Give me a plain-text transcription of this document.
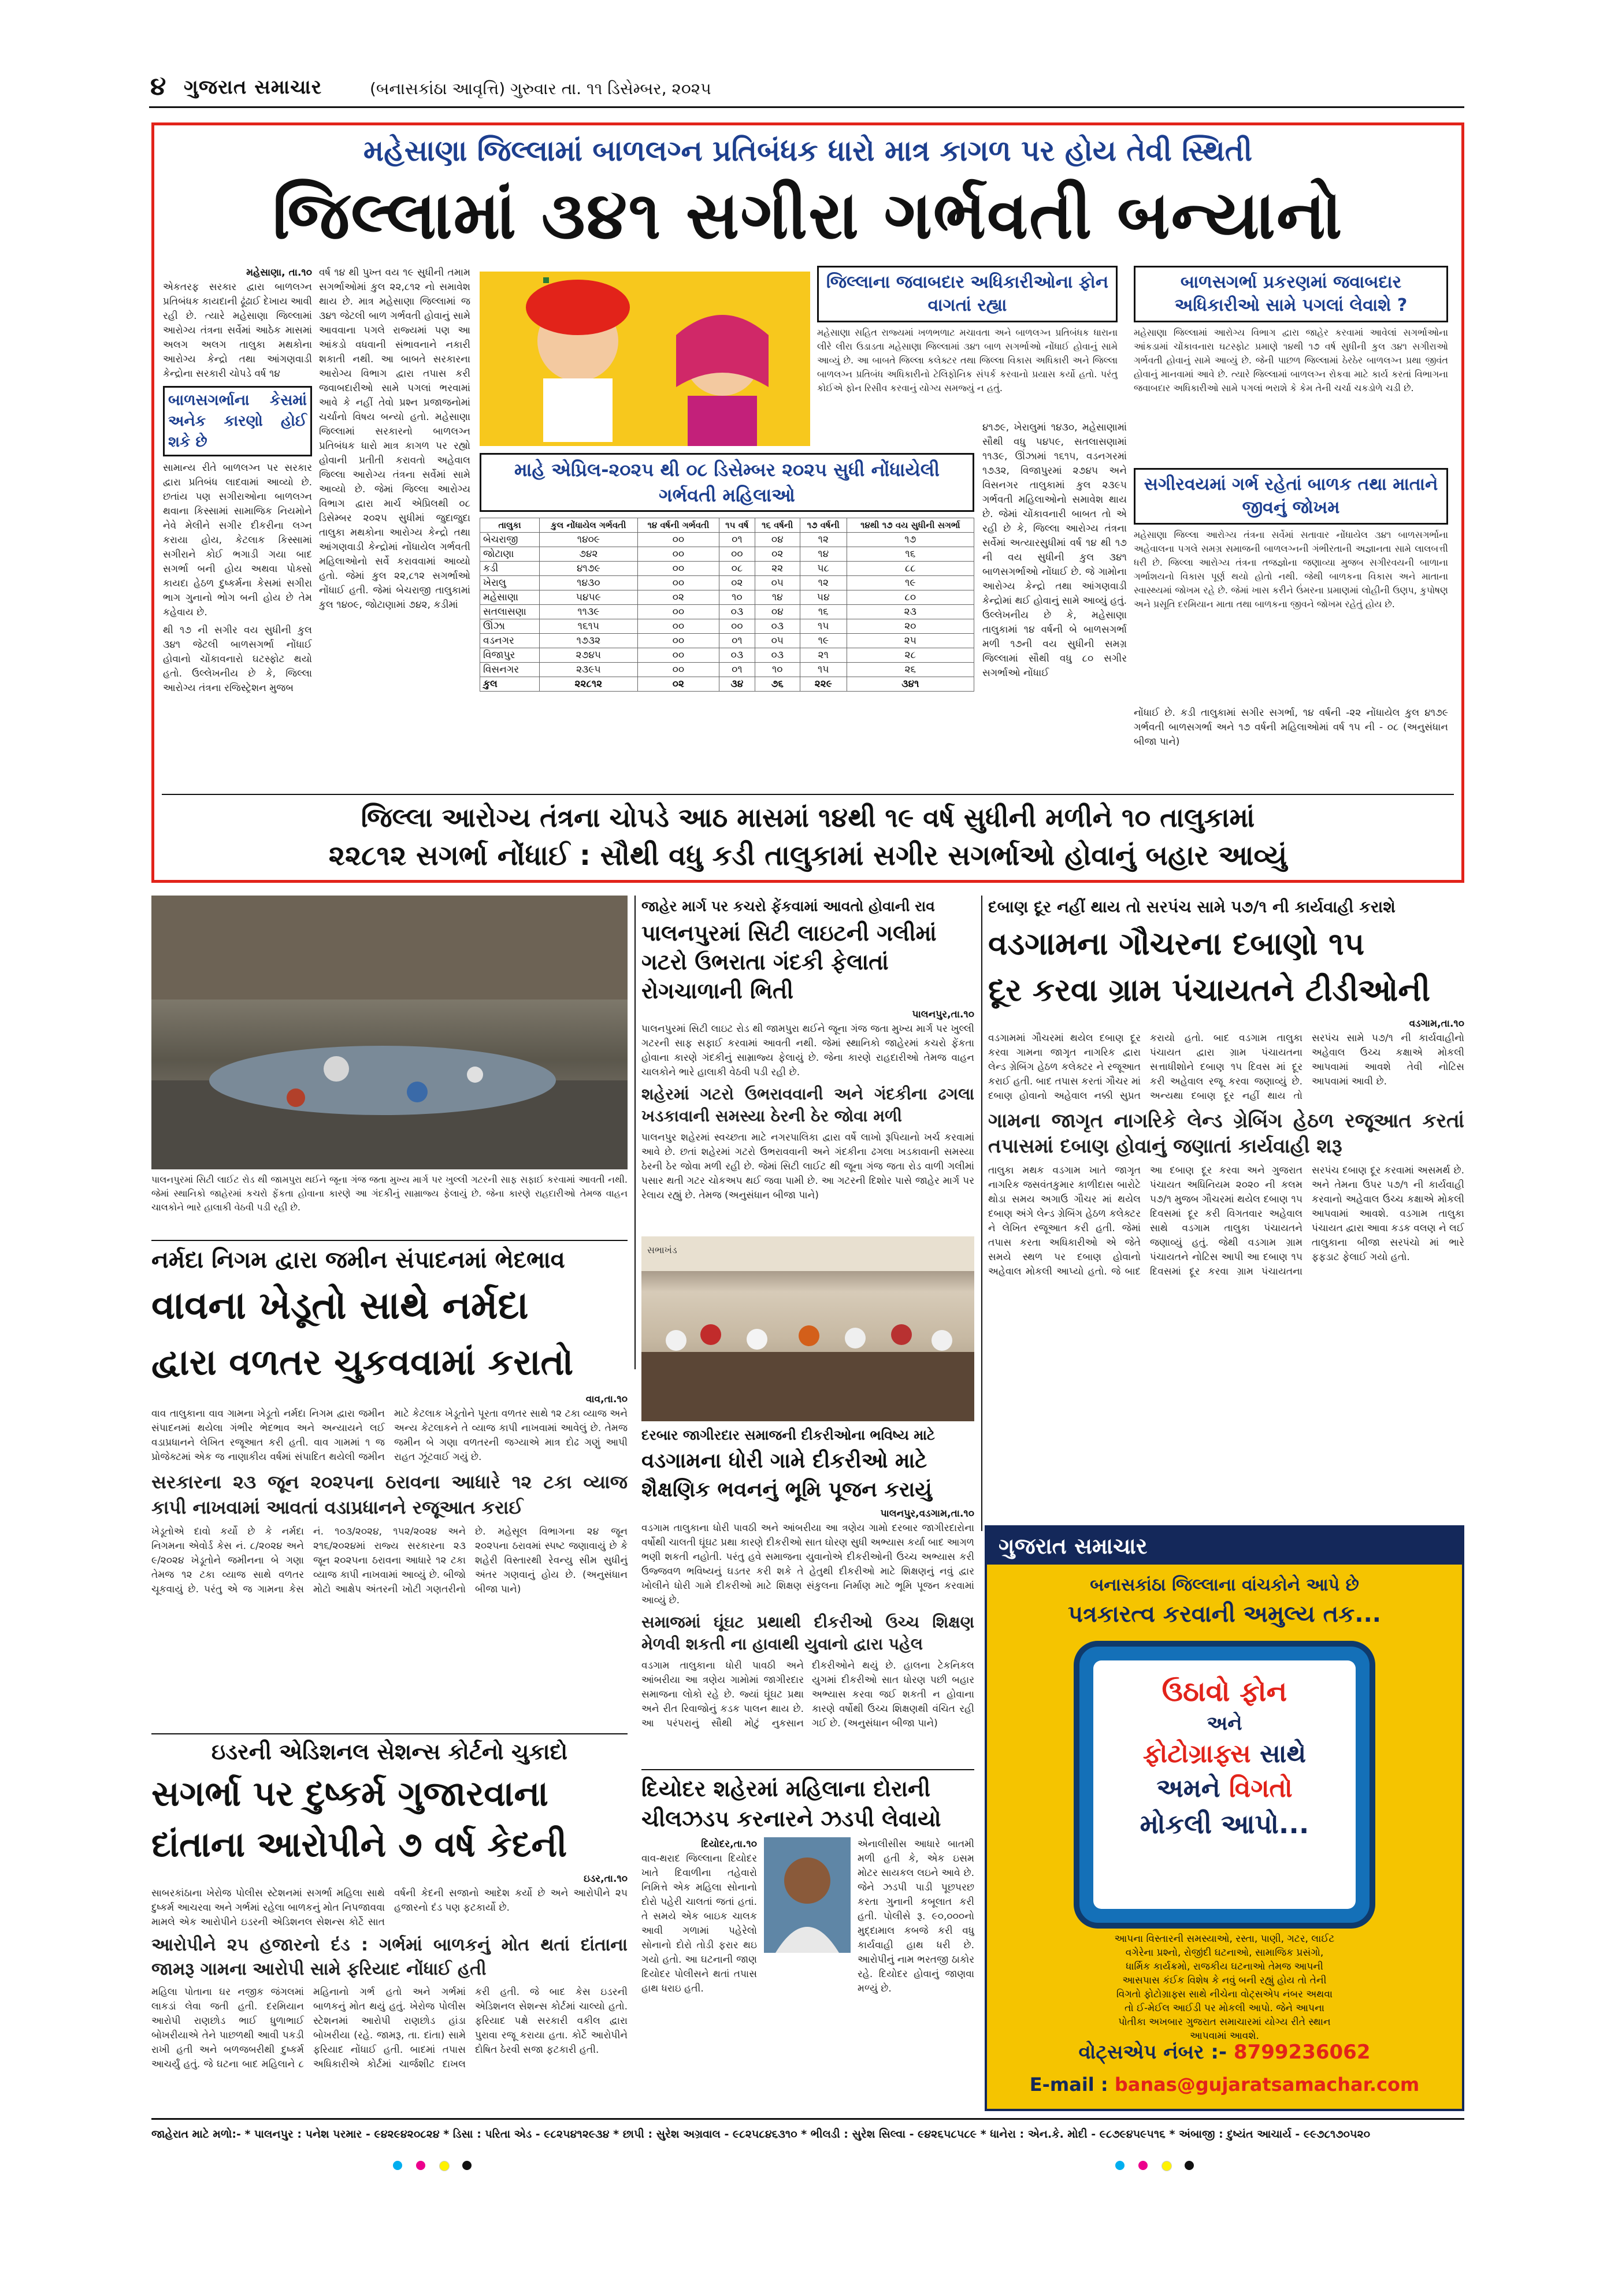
૪ ગુજરાત સમાચાર	(બનાસકાંઠા આવૃત્તિ) ગુરુવાર તા. ૧૧ ડિસેમ્બર, ૨૦૨૫
મહેસાણા જિલ્લામાં બાળલગ્ન પ્રતિબંધક ધારો માત્ર કાગળ પર હોય તેવી સ્થિતી
જિલ્લામાં ૩૪૧ સગીરા ગર્ભવતી બન્યાનો
મહેસાણા, તા.૧૦
એકતરફ સરકાર દ્વારા બાળલગ્ન પ્રતિબંધક કાયદાની ઢૂંઢાઈ દેખાય આવી રહી છે. ત્યારે મહેસાણા જિલ્લામાં આરોગ્ય તંત્રના સર્વેમાં આઠેક માસમાં અલગ અલગ તાલુકા મથકોના આરોગ્ય કેન્દ્રો તથા આંગણવાડી કેન્દ્રોના સરકારી ચોપડે વર્ષ ૧૪
બાળસગર્ભાના કેસમાં અનેક કારણો હોઈ શકે છે
સામાન્ય રીતે બાળલગ્ન પર સરકાર દ્વારા પ્રતિબંધ લાદવામાં આવ્યો છે. છતાંય પણ સગીરાઓના બાળલગ્ન થવાના કિસ્સામાં સામાજિક નિયમોને નેવે મેલીને સગીર દીકરીના લગ્ન કરાયા હોય, કેટલાક કિસ્સામાં સગીરાને કોઈ ભગાડી ગયા બાદ સગર્ભા બની હોય અથવા પોક્સો કાયદા હેઠળ દુષ્કર્મના કેસમાં સગીરા ભાગ ગુનાનો ભોગ બની હોય છે તેમ કહેવાય છે.
થી ૧૭ ની સગીર વય સુધીની કુલ ૩૪૧ જેટલી બાળસગર્ભા નોંધાઈ હોવાનો ચોંકાવનારો ઘટસ્ફોટ થયો હતો. ઉલ્લેખનીય છે કે, જિલ્લા આરોગ્ય તંત્રના રજિસ્ટ્રેશન મુજબ
વર્ષ ૧૪ થી પુખ્ત વય ૧૯ સુધીની તમામ સગર્ભાઓમાં કુલ ૨૨,૮૧૨ નો સમાવેશ થાય છે. માત્ર મહેસાણા જિલ્લામાં જ ૩૪૧ જેટલી બાળ ગર્ભવતી હોવાનું સામે આવવાના પગલે રાજ્યમાં પણ આ આંકડો વધવાની સંભાવનાને નકારી શકાતી નથી. આ બાબતે સરકારના આરોગ્ય વિભાગ દ્વારા તપાસ કરી જવાબદારીઓ સામે પગલાં ભરવામાં આવે કે નહીં તેવો પ્રશ્ન પ્રજાજનોમાં ચર્ચાનો વિષય બન્યો હતો. મહેસાણા જિલ્લામાં સરકારનો બાળલગ્ન પ્રતિબંધક ધારો માત્ર કાગળ પર રહ્યો હોવાની પ્રતીતી કરાવતો અહેવાલ જિલ્લા આરોગ્ય તંત્રના સર્વેમાં સામે આવ્યો છે. જેમાં જિલ્લા આરોગ્ય વિભાગ દ્વારા માર્ચ એપ્રિલથી ૦૮ ડિસેમ્બર ૨૦૨૫ સુધીમાં જુદાજુદા તાલુકા મથકોના આરોગ્ય કેન્દ્રો તથા આંગણવાડી કેન્દ્રોમાં નોંધાયેલ ગર્ભવતી મહિલાઓનો સર્વે કરાવવામાં આવ્યો હતો. જેમાં કુલ ૨૨,૮૧૨ સગર્ભાઓ નોંધાઈ હતી. જેમાં બેચરાજી તાલુકામાં કુલ ૧૪૦૯, જોટાણામાં ૭૪૨, કડીમાં
જિલ્લાના જવાબદાર અધિકારીઓના ફોન વાગતાં રહ્યા
મહેસાણા સહિત રાજ્યમાં ખળભળાટ મચાવતા અને બાળલગ્ન પ્રતિબંધક ધારાના લીરે લીરા ઉડાડતા મહેસાણા જિલ્લામાં ૩૪૧ બાળ સગર્ભાઓ નોંધાઈ હોવાનું સામે આવ્યું છે. આ બાબતે જિલ્લા કલેક્ટર તથા જિલ્લા વિકાસ અધિકારી અને જિલ્લા બાળલગ્ન પ્રતિબંધ અધિકારીનો ટેલિફોનિક સંપર્ક કરવાનો પ્રયાસ કર્યો હતો. પરંતુ કોઈએ ફોન રિસીવ કરવાનું યોગ્ય સમજ્યું ન હતું.
બાળસગર્ભા પ્રકરણમાં જવાબદાર અધિકારીઓ સામે પગલાં લેવાશે ?
મહેસાણા જિલ્લામાં આરોગ્ય વિભાગ દ્વારા જાહેર કરવામાં આવેલાં સગર્ભાઓના આંકડામાં ચોંકાવનારા ઘટસ્ફોટ પ્રમાણે ૧૪થી ૧૭ વર્ષ સુધીની કુલ ૩૪૧ સગીરાઓ ગર્ભવતી હોવાનું સામે આવ્યું છે. જેની પાછળ જિલ્લામાં ઠેરઠેર બાળલગ્ન પ્રથા જીવંત હોવાનું માનવામાં આવે છે. ત્યારે જિલ્લામાં બાળલગ્ન રોકવા માટે કાર્ય કરતાં વિભાગના જવાબદાર અધિકારીઓ સામે પગલાં ભરાશે કે કેમ તેની ચર્ચા ચકડોળે ચડી છે.
સગીરવયમાં ગર્ભ રહેતાં બાળક તથા માતાને જીવનું જોખમ
મહેસાણા જિલ્લા આરોગ્ય તંત્રના સર્વેમાં સતાવાર નોંધાયેલ ૩૪૧ બાળસગર્ભાના અહેવાલના પગલે સમગ્ર સમાજની બાળલગ્નની ગંભીરતાની અજ્ઞાનતા સામે લાલબત્તી ધરી છે. જિલ્લા આરોગ્ય તંત્રના તજજ્ઞોના જણાવ્યા મુજબ સગીરવયની બાળાના ગર્ભાશયનો વિકાસ પૂર્ણ થયો હોતો નથી. જેથી બાળકના વિકાસ અને માતાના સ્વાસ્થ્યમાં જોખમ રહે છે. જેમાં ખાસ કરીને ઉંમરના પ્રમાણમાં લોહીની ઉણપ, કુપોષણ અને પ્રસૂતિ દરમિયાન માતા તથા બાળકના જીવને જોખમ રહેતું હોય છે.
૪૧૭૯, ખેરાલુમાં ૧૪૩૦, મહેસાણામાં સૌથી વધુ ૫૪૫૯, સતલાસણામાં ૧૧૩૯, ઊંઝામાં ૧૬૧૫, વડનગરમાં ૧૭૩૨, વિજાપુરમાં ૨૭૪૫ અને વિસનગર તાલુકામાં કુલ ૨૩૯૫ ગર્ભવતી મહિલાઓનો સમાવેશ થાય છે. જેમાં ચોંકાવનારી બાબત તો એ રહી છે કે, જિલ્લા આરોગ્ય તંત્રના સર્વેમાં અત્યારસુધીમાં વર્ષ ૧૪ થી ૧૭ ની વય સુધીની કુલ ૩૪૧ બાળસગર્ભાઓ નોંધાઈ છે. જે ગામોના આરોગ્ય કેન્દ્રો તથા આંગણવાડી કેન્દ્રોમાં થઈ હોવાનું સામે આવ્યું હતું. ઉલ્લેખનીય છે કે, મહેસાણા તાલુકામાં ૧૪ વર્ષની બે બાળસગર્ભા મળી ૧૭ની વય સુધીની સમગ્ર જિલ્લામાં સૌથી વધુ ૮૦ સગીર સગર્ભાઓ નોંધાઈ
નોંધાઈ છે. કડી તાલુકામાં સગીર સગર્ભા, ૧૪ વર્ષની -૨૨ નોંધાયેલ કુલ ૪૧૭૯ ગર્ભવતી બાળસગર્ભા અને ૧૭ વર્ષની મહિલાઓમાં વર્ષ ૧૫ ની - ૦૮ (અનુસંધાન બીજા પાને)
માહે એપ્રિલ-૨૦૨૫ થી ૦૮ ડિસેમ્બર ૨૦૨૫ સુધી નોંધાયેલી ગર્ભવતી મહિલાઓ
તાલુકા	કુલ નોંધાયેલ ગર્ભવતી	૧૪ વર્ષની ગર્ભવતી	૧૫ વર્ષ	૧૬ વર્ષની	૧૭ વર્ષની	૧૪થી ૧૭ વય સુધીની સગર્ભા
બેચરાજી	૧૪૦૯	૦૦	૦૧	૦૪	૧૨	૧૭
જોટાણા	૭૪૨	૦૦	૦૦	૦૨	૧૪	૧૬
કડી	૪૧૭૯	૦૦	૦૮	૨૨	૫૮	૮૮
ખેરાલુ	૧૪૩૦	૦૦	૦૨	૦૫	૧૨	૧૯
મહેસાણા	૫૪૫૯	૦૨	૧૦	૧૪	૫૪	૮૦
સતલાસણા	૧૧૩૯	૦૦	૦૩	૦૪	૧૬	૨૩
ઊંઝા	૧૬૧૫	૦૦	૦૦	૦૩	૧૫	૨૦
વડનગર	૧૭૩૨	૦૦	૦૧	૦૫	૧૯	૨૫
વિજાપુર	૨૭૪૫	૦૦	૦૩	૦૩	૨૧	૨૮
વિસનગર	૨૩૯૫	૦૦	૦૧	૧૦	૧૫	૨૬
કુલ	૨૨૮૧૨	૦૨	૩૪	૭૬	૨૨૯	૩૪૧
જિલ્લા આરોગ્ય તંત્રના ચોપડે આઠ માસમાં ૧૪થી ૧૯ વર્ષ સુધીની મળીને ૧૦ તાલુકામાં
૨૨૮૧૨ સગર્ભા નોંધાઈ : સૌથી વધુ કડી તાલુકામાં સગીર સગર્ભાઓ હોવાનું બહાર આવ્યું
પાલનપુરમાં સિટી લાઈટ રોડ થી જામપુરા થઈને જૂના ગંજ જતા મુખ્ય માર્ગ પર ખુલ્લી ગટરની સાફ સફાઈ કરવામાં આવતી નથી. જેમાં સ્થાનિકો જાહેરમાં કચરો ફેંકતા હોવાના કારણે આ ગંદકીનું સામ્રાજ્ય ફેલાયું છે. જેના કારણે રાહદારીઓ તેમજ વાહન ચાલકોને ભારે હાલાકી વેઠવી પડી રહી છે.
જાહેર માર્ગ પર કચરો ફેંકવામાં આવતો હોવાની રાવ
પાલનપુરમાં સિટી લાઇટની ગલીમાં ગટરો ઉભરાતા ગંદકી ફેલાતાં રોગચાળાની ભિતી
પાલનપુર,તા.૧૦
પાલનપુરમાં સિટી લાઇટ રોડ થી જામપુરા થઈને જૂના ગંજ જતા મુખ્ય માર્ગ પર ખુલ્લી ગટરની સાફ સફાઈ કરવામાં આવતી નથી. જેમાં સ્થાનિકો જાહેરમાં કચરો ફેંકતા હોવાના કારણે ગંદકીનું સામ્રાજ્ય ફેલાયું છે. જેના કારણે રાહદારીઓ તેમજ વાહન ચાલકોને ભારે હાલાકી વેઠવી પડી રહી છે.
શહેરમાં ગટરો ઉભરાવવાની અને ગંદકીના ઢગલા ખડકાવાની સમસ્યા ઠેરની ઠેર જોવા મળી
પાલનપુર શહેરમાં સ્વચ્છતા માટે નગરપાલિકા દ્વારા વર્ષે લાખો રૂપિયાનો ખર્ચ કરવામાં આવે છે. છતાં શહેરમાં ગટરો ઉભરાવવાની અને ગંદકીના ઢગલા ખડકાવાની સમસ્યા ઠેરની ઠેર જોવા મળી રહી છે. જેમાં સિટી લાઈટ થી જૂના ગંજ જતા રોડ વાળી ગલીમાં પસાર થતી ગટર ચોકઅપ થઈ જવા પામી છે. આ ગટરની દિશોર પાસે જાહેર માર્ગ પર રેલાય રહ્યું છે. તેમજ (અનુસંધાન બીજા પાને)
દબાણ દૂર નહીં થાય તો સરપંચ સામે ૫૭/૧ ની કાર્યવાહી કરાશે
વડગામના ગૌચરના દબાણો ૧૫
દૂર કરવા ગ્રામ પંચાયતને ટીડીઓની
વડગામ,તા.૧૦
વડગામમાં ગૌચરમાં થયેલ દબાણ દૂર કરવા ગામના જાગૃત નાગરિક દ્વારા લેન્ડ ગ્રેબિંગ હેઠળ કલેક્ટર ને રજૂઆત કરાઈ હતી. બાદ તપાસ કરતાં ગૌચર માં દબાણ હોવાનો અહેવાલ નક્કી સુપ્રત કરાયો હતો. બાદ વડગામ તાલુકા પંચાયત દ્વારા ગ્રામ પંચાયતના સત્તાધીશોને દબાણ ૧૫ દિવસ માં દૂર કરી અહેવાલ રજૂ કરવા જણાવ્યું છે. અન્યથા દબાણ દૂર નહીં થાય તો સરપંચ સામે ૫૭/૧ ની કાર્યવાહીનો અહેવાલ ઉચ્ચ કક્ષાએ મોકલી આપવામાં આવશે તેવી નોટિસ આપવામાં આવી છે.
ગામના જાગૃત નાગરિકે લેન્ડ ગ્રેબિંગ હેઠળ રજૂઆત કરતાં તપાસમાં દબાણ હોવાનું જણાતાં કાર્યવાહી શરૂ
તાલુકા મથક વડગામ ખાતે જાગૃત નાગરિક જસવંતકુમાર કાળીદાસ બારોટે થોડા સમય અગાઉ ગૌચર માં થયેલ દબાણ અંગે લેન્ડ ગ્રેબિંગ હેઠળ કલેક્ટર ને લેખિત રજૂઆત કરી હતી. જેમાં તપાસ કરતા અધિકારીઓ એ જેતે સમયે સ્થળ પર દબાણ હોવાનો અહેવાલ મોકલી આપ્યો હતો. જે બાદ આ દબાણ દૂર કરવા અને ગુજરાત પંચાયત અધિનિયમ ૨૦૨૦ ની કલમ ૫૭/૧ મુજબ ગૌચરમાં થયેલ દબાણ ૧૫ દિવસમાં દૂર કરી વિગતવાર અહેવાલ સાથે વડગામ તાલુકા પંચાયતને જણાવ્યું હતું. જેથી વડગામ ગ્રામ પંચાયતને નોટિસ આપી આ દબાણ ૧૫ દિવસમાં દૂર કરવા ગ્રામ પંચાયતના સરપંચ દબાણ દૂર કરવામાં અસમર્થ છે. અને તેમના ઉપર ૫૭/૧ ની કાર્યવાહી કરવાનો અહેવાલ ઉચ્ચ કક્ષાએ મોકલી આપવામાં આવશે. વડગામ તાલુકા પંચાયત દ્વારા આવા કડક વલણ ને લઈ તાલુકાના બીજા સરપંચો માં ભારે ફફડાટ ફેલાઈ ગયો હતો.
નર્મદા નિગમ દ્વારા જમીન સંપાદનમાં ભેદભાવ
વાવના ખેડૂતો સાથે નર્મદા
દ્વારા વળતર ચુકવવામાં કરાતો
વાવ,તા.૧૦
વાવ તાલુકાના વાવ ગામના ખેડૂતો નર્મદા નિગમ દ્વારા જમીન સંપાદનમાં થયેલા ગંભીર ભેદભાવ અને અન્યાયને લઈ વડાપ્રધાનને લેખિત રજૂઆત કરી હતી. વાવ ગામમાં ૧ જ પ્રોજેક્ટમાં એક જ નાણાકીય વર્ષમાં સંપાદિત થયેલી જમીન માટે કેટલાક ખેડૂતોને પૂરતા વળતર સાથે ૧૨ ટકા વ્યાજ અને અન્ય કેટલાકને તે વ્યાજ કાપી નાખવામાં આવેલું છે. તેમજ જમીન બે ગણા વળતરની જગ્યાએ માત્ર દોઢ ગણું આપી રાહત ઝૂંટવાઈ ગયું છે.
સરકારના ૨૩ જૂન ૨૦૨૫ના ઠરાવના આધારે ૧૨ ટકા વ્યાજ કાપી નાખવામાં આવતાં વડાપ્રધાનને રજૂઆત કરાઈ
ખેડૂતોએ દાવો કર્યો છે કે નર્મદા નિગમના એવોર્ડ કેસ નં. ૮/૨૦૨૪ અને ૯/૨૦૨૪ ખેડૂતોને જમીનના બે ગણા તેમજ ૧૨ ટકા વ્યાજ સાથે વળતર ચૂકવાયું છે. પરંતુ એ જ ગામના કેસ નં. ૧૦૩/૨૦૨૪, ૧૫૨/૨૦૨૪ અને ૨૧૬/૨૦૨૪માં રાજ્ય સરકારના ૨૩ જૂન ૨૦૨૫ના ઠરાવના આધારે ૧૨ ટકા વ્યાજ કાપી નાખવામાં આવ્યું છે. બીજો મોટો આક્ષેપ અંતરની ખોટી ગણતરીનો છે. મહેસૂલ વિભાગના ૨૪ જૂન ૨૦૨૫ના ઠરાવમાં સ્પષ્ટ જણાવાયું છે કે શહેરી વિસ્તારથી રેવન્યુ સીમ સુધીનું અંતર ગણવાનું હોય છે. (અનુસંધાન બીજા પાને)
ઇડરની એડિશનલ સેશન્સ કોર્ટનો ચુકાદો
સગર્ભા પર દુષ્કર્મ ગુજારવાના
દાંતાના આરોપીને ૭ વર્ષ કેદની
ઇડર,તા.૧૦
સાબરકાંઠાના ખેરોજ પોલીસ સ્ટેશનમાં સગર્ભા મહિલા સાથે દુષ્કર્મ આચરવા અને ગર્ભમાં રહેલા બાળકનું મોત નિપજાવવા મામલે એક આરોપીને ઇડરની એડિશનલ સેશન્સ કોર્ટે સાત વર્ષની કેદની સજાનો આદેશ કર્યો છે અને આરોપીને ૨૫ હજારનો દંડ પણ ફટકાર્યો છે.
આરોપીને ૨૫ હજારનો દંડ : ગર્ભમાં બાળકનું મોત થતાં દાંતાના જામરૂ ગામના આરોપી સામે ફરિયાદ નોંધાઈ હતી
મહિલા પોતાના ઘર નજીક જંગલમાં લાકડાં લેવા જતી હતી. દરમિયાન આરોપી રાણછોડ ભાઈ ધુળાભાઈ બોખરીયાએ તેને પાછળથી આવી પકડી રાખી હતી અને બળજબરીથી દુષ્કર્મ આચર્યું હતું. જે ઘટના બાદ મહિલાને ૮ મહિનાનો ગર્ભ હતો અને ગર્ભમાં બાળકનું મોત થયું હતું. ખેરોજ પોલીસ સ્ટેશનમાં આરોપી રાણછોડ હાંડા બોખરીયા (રહે. જામરૂ, તા. દાંતા) સામે ફરિયાદ નોંધાઈ હતી. બાદમાં તપાસ અધિકારીએ કોર્ટમાં ચાર્જશીટ દાખલ કરી હતી. જે બાદ કેસ ઇડરની એડિશનલ સેશન્સ કોર્ટમાં ચાલ્યો હતો. ફરિયાદ પક્ષે સરકારી વકીલ દ્વારા પુરાવા રજૂ કરાયા હતા. કોર્ટે આરોપીને દોષિત ઠેરવી સજા ફટકારી હતી.
સભાખંડ
દરબાર જાગીરદાર સમાજની દીકરીઓના ભવિષ્ય માટે
વડગામના ધોરી ગામે દીકરીઓ માટે શૈક્ષણિક ભવનનું ભૂમિ પૂજન કરાયું
પાલનપુર,વડગામ,તા.૧૦
વડગામ તાલુકાના ધોરી પાવઠી અને આંબરીયા આ ત્રણેય ગામો દરબાર જાગીરદારોના વર્ષોથી ચાલતી ઘૂંઘટ પ્રથા કારણે દીકરીઓ સાત ઘોરણ સુધી અભ્યાસ કર્યા બાદ આગળ ભણી શકતી નહોતી. પરંતુ હવે સમાજના યુવાનોએ દીકરીઓની ઉચ્ચ અભ્યાસ કરી ઉજ્જવળ ભવિષ્યનું ઘડતર કરી શકે તે હેતુથી દીકરીઓ માટે શિક્ષણનું નવું દ્વાર ખોલીને ધોરી ગામે દીકરીઓ માટે શિક્ષણ સંકુલના નિર્માણ માટે ભૂમિ પૂજન કરવામાં આવ્યું છે.
સમાજમાં ઘૂંઘટ પ્રથાથી દીકરીઓ ઉચ્ચ શિક્ષણ મેળવી શકતી ના હાવાથી યુવાનો દ્વારા પહેલ
વડગામ તાલુકાના ધોરી પાવઠી અને આંબરીયા આ ત્રણેય ગામોમાં જાગીરદાર સમાજના લોકો રહે છે. જ્યાં ઘૂંઘટ પ્રથા અને રીત રિવાજોનું કડક પાલન થાય છે. આ પરંપરાનું સૌથી મોટું નુકસાન દીકરીઓને થયું છે. હાલના ટેકનિકલ યુગમાં દીકરીઓ સાત ધોરણ પછી બહાર અભ્યાસ કરવા જઈ શકતી ન હોવાના કારણે વર્ષોથી ઉચ્ચ શિક્ષણથી વંચિત રહી ગઈ છે. (અનુસંધાન બીજા પાને)
દિયોદર શહેરમાં મહિલાના દોરાની ચીલઝડપ કરનારને ઝડપી લેવાયો
દિયોદર,તા.૧૦
વાવ-થરાદ જિલ્લાના દિયોદર ખાતે દિવાળીના તહેવારો નિમિત્તે એક મહિલા સોનાનો દોરો પહેરી ચાલતાં જતાં હતાં. તે સમયે એક બાઇક ચાલક આવી ગળામાં પહેરેલો સોનાનો દોરો તોડી ફરાર થઇ ગયો હતો. આ ઘટનાની જાણ દિયોદર પોલીસને થતાં તપાસ હાથ ધરાઇ હતી.
એનાલીસીસ આધારે બાતમી મળી હતી કે, એક ઇસમ મોટર સાયકલ લઇને આવે છે. જેને ઝડપી પાડી પૂછપરછ કરતા ગુનાની કબૂલાત કરી હતી. પોલીસે રૂ. ૯૦,૦૦૦નો મુદ્દામાલ કબજે કરી વધુ કાર્યવાહી હાથ ધરી છે. આરોપીનું નામ ભરતજી ઠાકોર રહે. દિયોદર હોવાનું જાણવા મળ્યું છે.
ગુજરાત સમાચાર
બનાસકાંઠા જિલ્લાના વાંચકોને આપે છે
પત્રકારત્વ કરવાની અમુલ્ય તક...
ઉઠાવો ફોન
અને
ફોટોગ્રાફ્સ સાથે
અમને વિગતો
મોકલી આપો...
આપના વિસ્તારની સમસ્યાઓ, રસ્તા, પાણી, ગટર, લાઈટ વગેરેના પ્રશ્નો, રોજીંદી ઘટનાઓ, સામાજિક પ્રસંગો, ધાર્મિક કાર્યક્રમો, રાજકીય ઘટનાઓ તેમજ આપની આસપાસ કંઈક વિશેષ કે નવું બની રહ્યું હોય તો તેની વિગતો ફોટોગ્રાફ્સ સાથે નીચેના વોટ્સએપ નંબર અથવા તો ઈ-મેઈલ આઈડી પર મોકલી આપો. જેને આપના પોતીકા અખબાર ગુજરાત સમાચારમાં યોગ્ય રીતે સ્થાન આપવામાં આવશે.
વોટ્સએપ નંબર :- 8799236062
E-mail : banas@gujaratsamachar.com
જાહેરાત માટે મળો:- * પાલનપુર : પનેશ પરમાર - ૯૪૨૯૪૨૦૮૨૪ * ડિસા : પરિતા એડ - ૯૮૨૫૪૧૨૯૩૪ * છાપી : સુરેશ અગ્રવાલ - ૯૮૨૫૮૪૬૩૧૦ * ભીલડી : સુરેશ સિલ્વા - ૯૪૨૬૫૮૫૮૯ * ધાનેરા : એન.કે. મોદી - ૯૮૭૯૪૫૯૫૧૬ * અંબાજી : દુષ્યંત આચાર્ય - ૯૯૭૮૧૭૦૫૨૦
